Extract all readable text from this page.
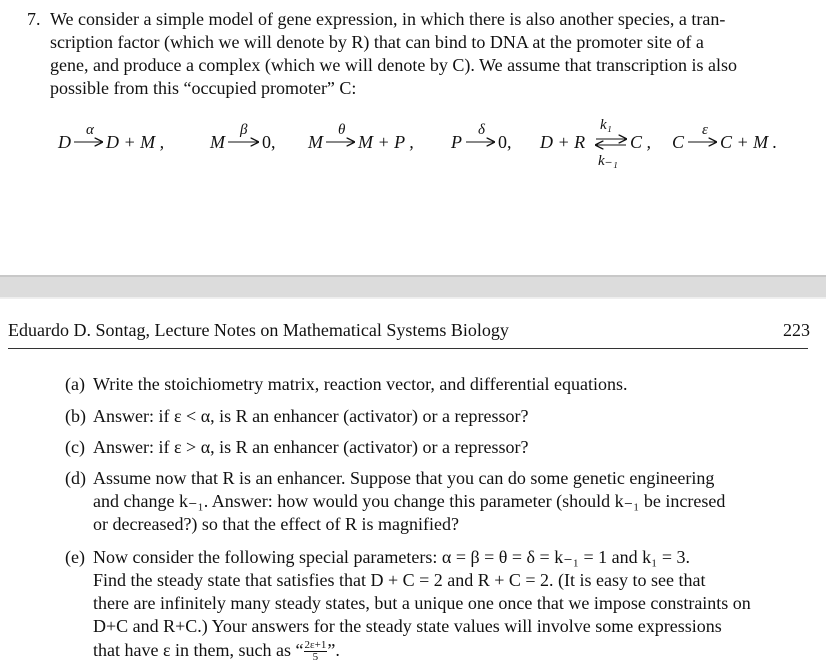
7. We consider a simple model of gene expression, in which there is also another species, a tran-
scription factor (which we will denote by R) that can bind to DNA at the promoter site of a
gene, and produce a complex (which we will denote by C). We assume that transcription is also
possible from this “occupied promoter” C:
D
α
D + M ,	M
β
0, M
θ
M + P , P
δ
0, D + R
k₁
k₋₁
C , C
ε
C + M .
Eduardo D. Sontag, Lecture Notes on Mathematical Systems Biology	223
(a) Write the stoichiometry matrix, reaction vector, and differential equations.
(b) Answer: if ε < α, is R an enhancer (activator) or a repressor?
(c) Answer: if ε > α, is R an enhancer (activator) or a repressor?
(d) Assume now that R is an enhancer. Suppose that you can do some genetic engineering
and change k₋₁. Answer: how would you change this parameter (should k₋₁ be incresed
or decreased?) so that the effect of R is magnified?
(e) Now consider the following special parameters: α = β = θ = δ = k₋₁ = 1 and k₁ = 3.
Find the steady state that satisfies that D + C = 2 and R + C = 2. (It is easy to see that
there are infinitely many steady states, but a unique one once that we impose constraints on
D+C and R+C.) Your answers for the steady state values will involve some expressions
that have ε in them, such as “ $\frac{2\varepsilon+1}{5}$ ”.
